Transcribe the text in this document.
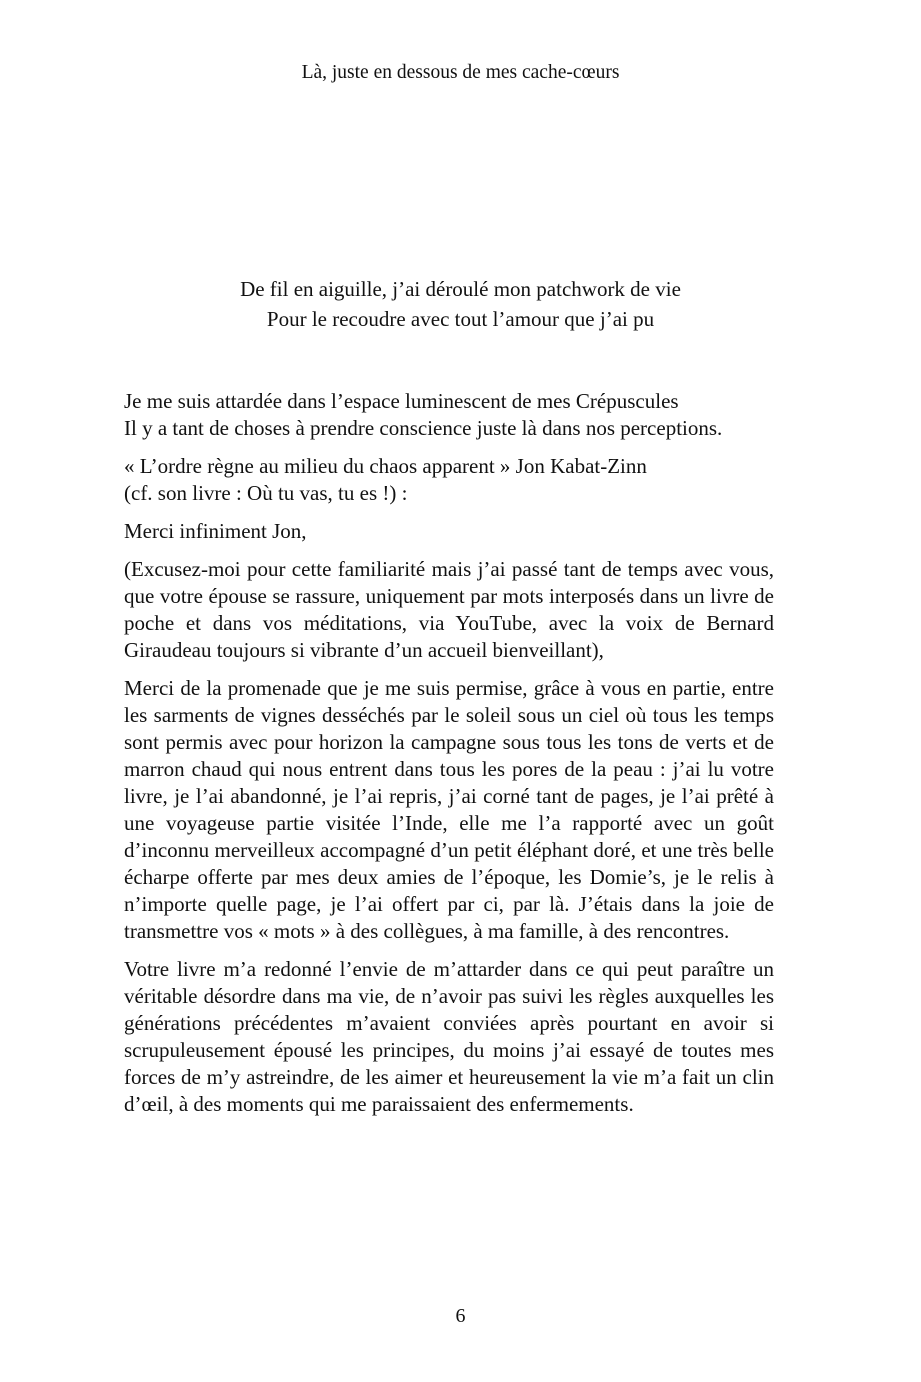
Là, juste en dessous de mes cache-cœurs
De fil en aiguille, j’ai déroulé mon patchwork de vie
Pour le recoudre avec tout l’amour que j’ai pu

Je me suis attardée dans l’espace luminescent de mes Crépuscules
Il y a tant de choses à prendre conscience juste là dans nos perceptions.

« L’ordre règne au milieu du chaos apparent » Jon Kabat-Zinn
(cf. son livre : Où tu vas, tu es !) :

Merci infiniment Jon,

(Excusez-moi pour cette familiarité mais j’ai passé tant de temps avec vous, que votre épouse se rassure, uniquement par mots interposés dans un livre de poche et dans vos méditations, via YouTube, avec la voix de Bernard Giraudeau toujours si vibrante d’un accueil bienveillant),

Merci de la promenade que je me suis permise, grâce à vous en partie, entre les sarments de vignes desséchés par le soleil sous un ciel où tous les temps sont permis avec pour horizon la campagne sous tous les tons de verts et de marron chaud qui nous entrent dans tous les pores de la peau : j’ai lu votre livre, je l’ai abandonné, je l’ai repris, j’ai corné tant de pages, je l’ai prêté à une voyageuse partie visitée l’Inde, elle me l’a rapporté avec un goût d’inconnu merveilleux accompagné d’un petit éléphant doré, et une très belle écharpe offerte par mes deux amies de l’époque, les Domie’s, je le relis à n’importe quelle page, je l’ai offert par ci, par là. J’étais dans la joie de transmettre vos « mots » à des collègues, à ma famille, à des rencontres.

Votre livre m’a redonné l’envie de m’attarder dans ce qui peut paraître un véritable désordre dans ma vie, de n’avoir pas suivi les règles auxquelles les générations précédentes m’avaient conviées après pourtant en avoir si scrupuleusement épousé les principes, du moins j’ai essayé de toutes mes forces de m’y astreindre, de les aimer et heureusement la vie m’a fait un clin d’œil, à des moments qui me paraissaient des enfermements.

6
